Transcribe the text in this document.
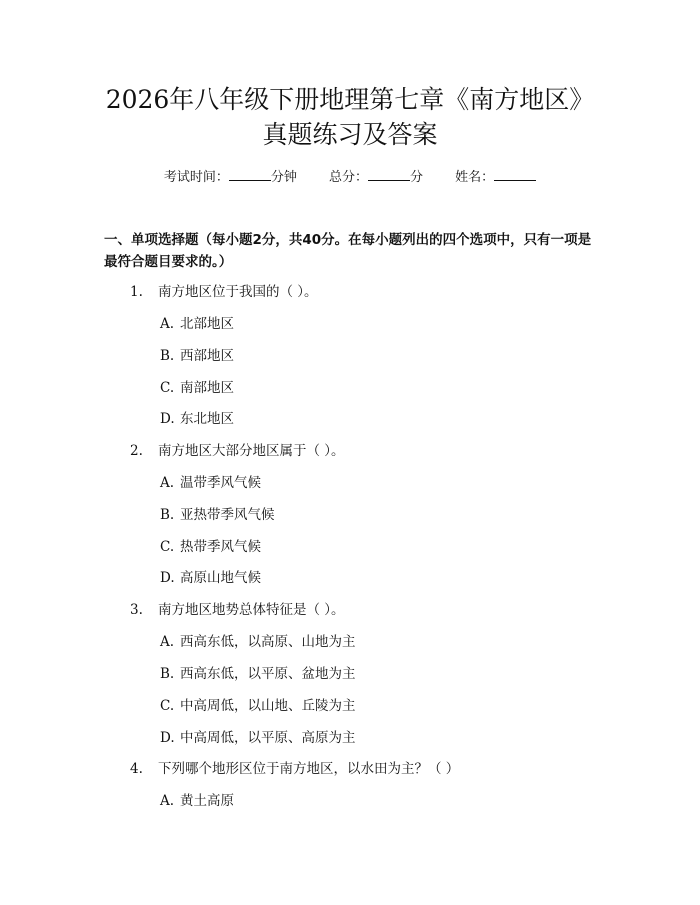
2026年八年级下册地理第七章《南方地区》
真题练习及答案
考试时间：	分钟 总分：	分 姓名：
一、单项选择题（每小题2分，共40分。在每小题列出的四个选项中，只有一项是最符合题目要求的。）
1. 南方地区位于我国的（ ）。
A. 北部地区
B. 西部地区
C. 南部地区
D. 东北地区
2. 南方地区大部分地区属于（ ）。
A. 温带季风气候
B. 亚热带季风气候
C. 热带季风气候
D. 高原山地气候
3. 南方地区地势总体特征是（ ）。
A. 西高东低，以高原、山地为主
B. 西高东低，以平原、盆地为主
C. 中高周低，以山地、丘陵为主
D. 中高周低，以平原、高原为主
4. 下列哪个地形区位于南方地区，以水田为主？（ ）
A. 黄土高原
